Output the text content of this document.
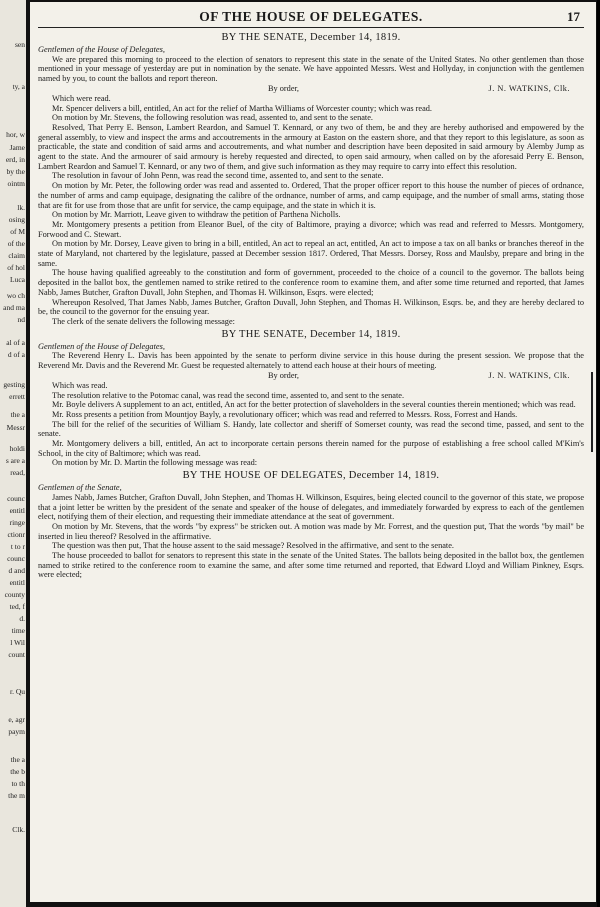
sen
ty, a
hor, w
Jame
erd, in
by the
ointm
lk.
osing
of M
of the
claim
of hol
Luca
wo ch
and ma
nd
al of a
d of a
gesting
errett
the a
Messr
holdi
s are a
read,
counc
entitl
ringe
ctionr
t to r
counc
d and
entitl
county
ted, f
d.
time
l Wil
count
r. Qu
e, agr
paym
the a
the b
to th
the m
Clk.
OF THE HOUSE OF DELEGATES.	17
BY THE SENATE, December 14, 1819.
Gentlemen of the House of Delegates,

We are prepared this morning to proceed to the election of senators to represent this state in the senate of the United States. No other gentlemen than those mentioned in your message of yesterday are put in nomination by the senate. We have appointed Messrs. West and Hollyday, in conjunction with the gentlemen named by you, to count the ballots and report thereon.

By order,	J. N. WATKINS, Clk.

Which were read.

Mr. Spencer delivers a bill, entitled, An act for the relief of Martha Williams of Worcester county; which was read.

On motion by Mr. Stevens, the following resolution was read, assented to, and sent to the senate.

Resolved, That Perry E. Benson, Lambert Reardon, and Samuel T. Kennard, or any two of them, be and they are hereby authorised and empowered by the general assembly, to view and inspect the arms and accoutrements in the armoury at Easton on the eastern shore, and that they report to this legislature, as soon as practicable, the state and condition of said arms and accoutrements, and what number and description have been deposited in said armoury by Alemby Jump as agent to the state. And the armourer of said armoury is hereby requested and directed, to open said armoury, when called on by the aforesaid Perry E. Benson, Lambert Reardon and Samuel T. Kennard, or any two of them, and give such information as they may require to carry into effect this resolution.

The resolution in favour of John Penn, was read the second time, assented to, and sent to the senate.

On motion by Mr. Peter, the following order was read and assented to. Ordered, That the proper officer report to this house the number of pieces of ordnance, the number of arms and camp equipage, designating the calibre of the ordnance, number of arms, and camp equipage, and the number of small arms, stating those that are fit for use from those that are unfit for service, the camp equipage, and the state in which it is.

On motion by Mr. Marriott, Leave given to withdraw the petition of Parthena Nicholls.

Mr. Montgomery presents a petition from Eleanor Buel, of the city of Baltimore, praying a divorce; which was read and referred to Messrs. Montgomery, Forwood and C. Stewart.

On motion by Mr. Dorsey, Leave given to bring in a bill, entitled, An act to repeal an act, entitled, An act to impose a tax on all banks or branches thereof in the state of Maryland, not chartered by the legislature, passed at December session 1817. Ordered, That Messrs. Dorsey, Ross and Maulsby, prepare and bring in the same.

The house having qualified agreeably to the constitution and form of government, proceeded to the choice of a council to the governor. The ballots being deposited in the ballot box, the gentlemen named to strike retired to the conference room to examine them, and after some time returned and reported, that James Nabb, James Butcher, Grafton Duvall, John Stephen, and Thomas H. Wilkinson, Esqrs. were elected;

Whereupon Resolved, That James Nabb, James Butcher, Grafton Duvall, John Stephen, and Thomas H. Wilkinson, Esqrs. be, and they are hereby declared to be, the council to the governor for the ensuing year.

The clerk of the senate delivers the following message:

BY THE SENATE, December 14, 1819.
Gentlemen of the House of Delegates,

The Reverend Henry L. Davis has been appointed by the senate to perform divine service in this house during the present session. We propose that the Reverend Mr. Davis and the Reverend Mr. Guest be requested alternately to attend each house at their hours of meeting.

By order,	J. N. WATKINS, Clk.

Which was read.

The resolution relative to the Potomac canal, was read the second time, assented to, and sent to the senate.

Mr. Boyle delivers A supplement to an act, entitled, An act for the better protection of slaveholders in the several counties therein mentioned; which was read.

Mr. Ross presents a petition from Mountjoy Bayly, a revolutionary officer; which was read and referred to Messrs. Ross, Forrest and Hands.

The bill for the relief of the securities of William S. Handy, late collector and sheriff of Somerset county, was read the second time, passed, and sent to the senate.

Mr. Montgomery delivers a bill, entitled, An act to incorporate certain persons therein named for the purpose of establishing a free school called M'Kim's School, in the city of Baltimore; which was read.

On motion by Mr. D. Martin the following message was read:

BY THE HOUSE OF DELEGATES, December 14, 1819.
Gentlemen of the Senate,

James Nabb, James Butcher, Grafton Duvall, John Stephen, and Thomas H. Wilkinson, Esquires, being elected council to the governor of this state, we propose that a joint letter be written by the president of the senate and speaker of the house of delegates, and immediately forwarded by express to each of the gentlemen elect, notifying them of their election, and requesting their immediate attendance at the seat of government.

On motion by Mr. Stevens, that the words "by express" be stricken out. A motion was made by Mr. Forrest, and the question put, That the words "by mail" be inserted in lieu thereof? Resolved in the affirmative.

The question was then put, That the house assent to the said message? Resolved in the affirmative, and sent to the senate.

The house proceeded to ballot for senators to represent this state in the senate of the United States. The ballots being deposited in the ballot box, the gentlemen named to strike retired to the conference room to examine the same, and after some time returned and reported, that Edward Lloyd and William Pinkney, Esqrs. were elected;
